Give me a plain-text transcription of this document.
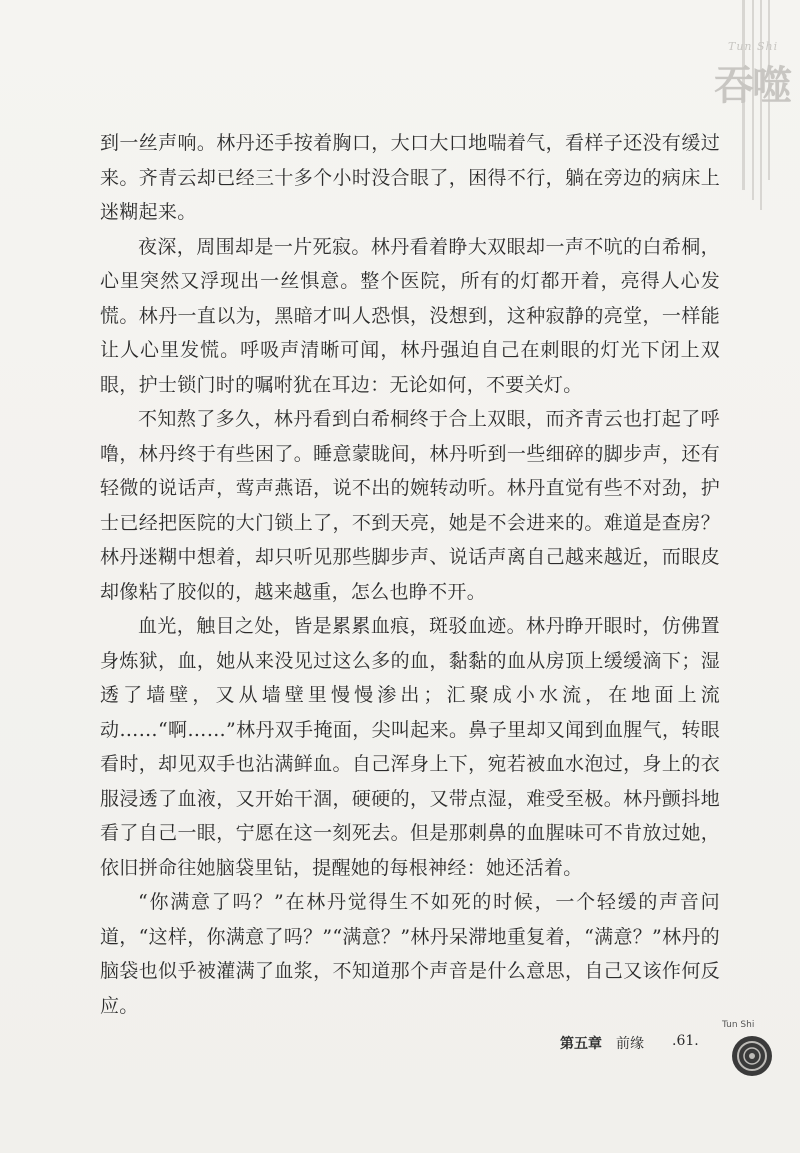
Tun Shi
吞噬

到一丝声响。林丹还手按着胸口，大口大口地喘着气，看样子还没有缓过来。齐青云却已经三十多个小时没合眼了，困得不行，躺在旁边的病床上迷糊起来。

夜深，周围却是一片死寂。林丹看着睁大双眼却一声不吭的白希桐，心里突然又浮现出一丝惧意。整个医院，所有的灯都开着，亮得人心发慌。林丹一直以为，黑暗才叫人恐惧，没想到，这种寂静的亮堂，一样能让人心里发慌。呼吸声清晰可闻，林丹强迫自己在刺眼的灯光下闭上双眼，护士锁门时的嘱咐犹在耳边：无论如何，不要关灯。

不知熬了多久，林丹看到白希桐终于合上双眼，而齐青云也打起了呼噜，林丹终于有些困了。睡意蒙眬间，林丹听到一些细碎的脚步声，还有轻微的说话声，莺声燕语，说不出的婉转动听。林丹直觉有些不对劲，护士已经把医院的大门锁上了，不到天亮，她是不会进来的。难道是查房？林丹迷糊中想着，却只听见那些脚步声、说话声离自己越来越近，而眼皮却像粘了胶似的，越来越重，怎么也睁不开。

血光，触目之处，皆是累累血痕，斑驳血迹。林丹睁开眼时，仿佛置身炼狱，血，她从来没见过这么多的血，黏黏的血从房顶上缓缓滴下；湿透了墙壁，又从墙壁里慢慢渗出；汇聚成小水流，在地面上流动……“啊……”林丹双手掩面，尖叫起来。鼻子里却又闻到血腥气，转眼看时，却见双手也沾满鲜血。自己浑身上下，宛若被血水泡过，身上的衣服浸透了血液，又开始干涸，硬硬的，又带点湿，难受至极。林丹颤抖地看了自己一眼，宁愿在这一刻死去。但是那刺鼻的血腥味可不肯放过她，依旧拼命往她脑袋里钻，提醒她的每根神经：她还活着。

“你满意了吗？”在林丹觉得生不如死的时候，一个轻缓的声音问道，“这样，你满意了吗？”“满意？”林丹呆滞地重复着，“满意？”林丹的脑袋也似乎被灌满了血浆，不知道那个声音是什么意思，自己又该作何反应。

第五章 前缘 .61.
Tun Shi
